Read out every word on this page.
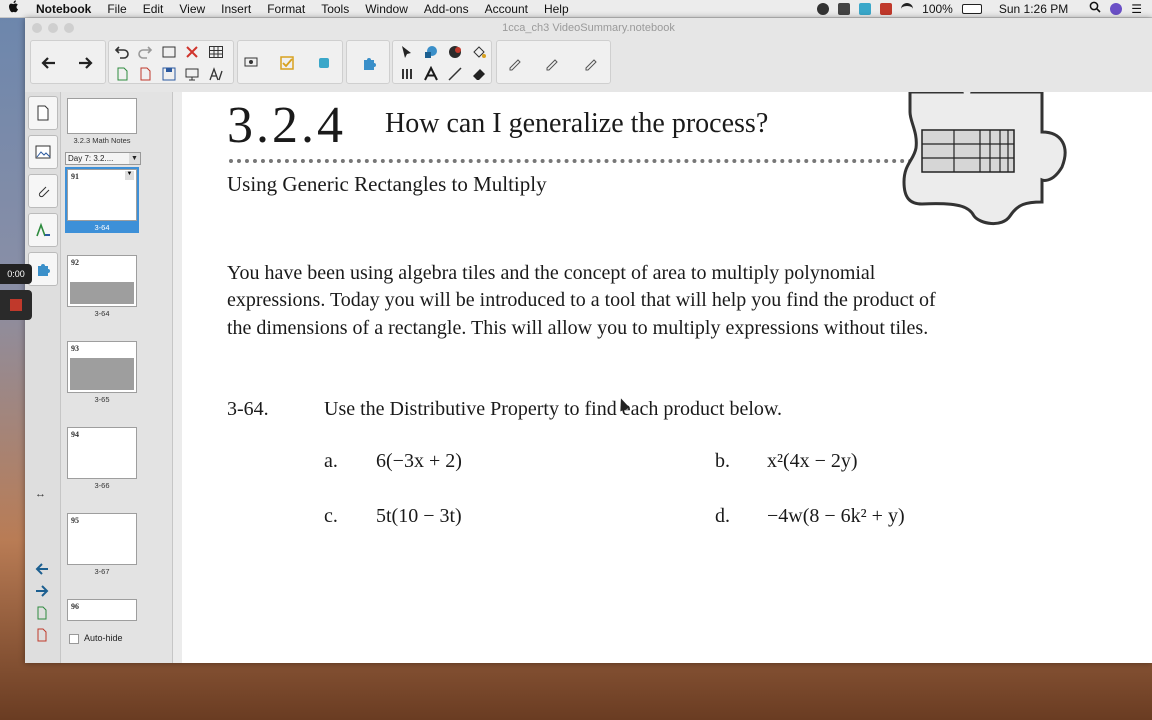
Notebook	File	Edit	View	Insert	Format	Tools	Window	Add-ons	Account	Help	100%	Sun 1:26 PM	☰
1cca_ch3 VideoSummary.notebook
↔
3.2.3 Math Notes
Day 7: 3.2....	▼
91	▼
3-64
92
3-64
93
3-65
94
3-66
95
3-67
96
Auto-hide
3.2.4 How can I generalize the process?
Using Generic Rectangles to Multiply
You have been using algebra tiles and the concept of area to multiply polynomial
expressions. Today you will be introduced to a tool that will help you find the product of
the dimensions of a rectangle. This will allow you to multiply expressions without tiles.
3-64.	Use the Distributive Property to find each product below.
a. 6(−3x + 2)	b. x²(4x − 2y)
c. 5t(10 − 3t)	d. −4w(8 − 6k² + y)
0:00
